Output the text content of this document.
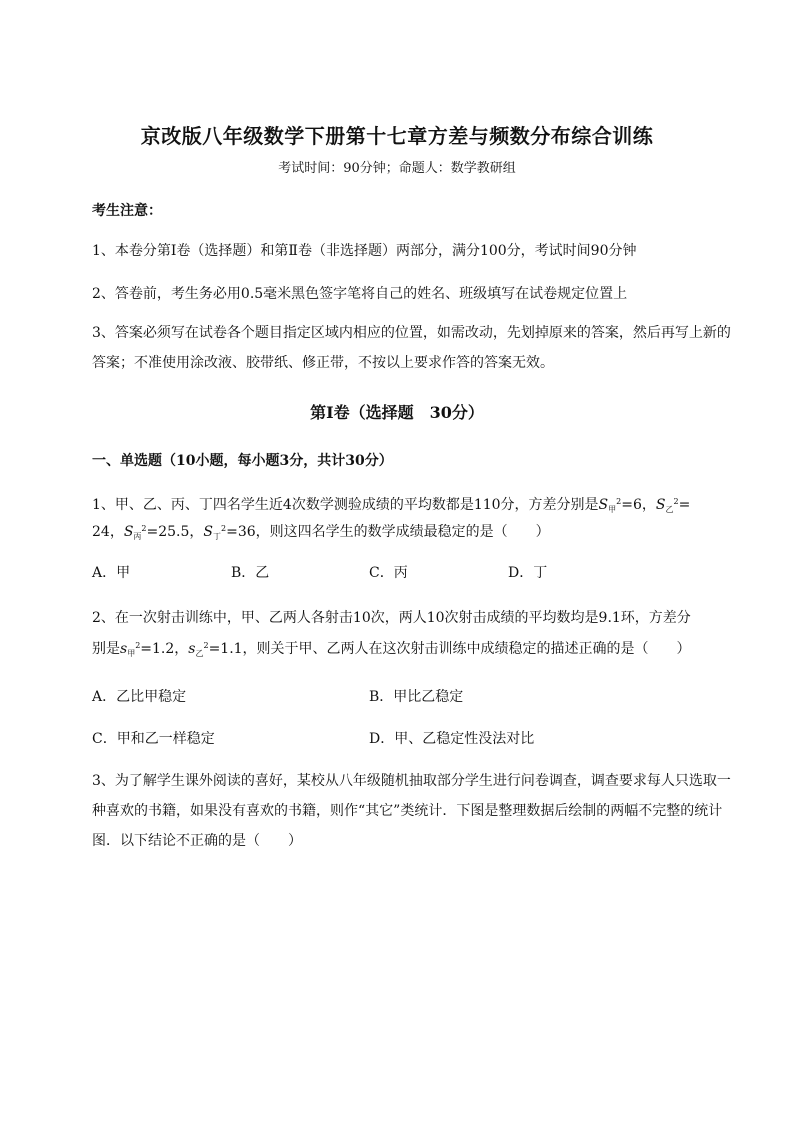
京改版八年级数学下册第十七章方差与频数分布综合训练
考试时间：90分钟；命题人：数学教研组
考生注意：
1、本卷分第I卷（选择题）和第Ⅱ卷（非选择题）两部分，满分100分，考试时间90分钟
2、答卷前，考生务必用0.5毫米黑色签字笔将自己的姓名、班级填写在试卷规定位置上
3、答案必须写在试卷各个题目指定区域内相应的位置，如需改动，先划掉原来的答案，然后再写上新的答案；不准使用涂改液、胶带纸、修正带，不按以上要求作答的答案无效。
第I卷（选择题　30分）
一、单选题（10小题，每小题3分，共计30分）
1、甲、乙、丙、丁四名学生近4次数学测验成绩的平均数都是110分，方差分别是$S_甲^2=6$，$S_乙^2=$
24，$S_丙^2=25.5$，$S_丁^2=36$，则这四名学生的数学成绩最稳定的是（　　）
A．甲	B．乙	C．丙	D．丁
2、在一次射击训练中，甲、乙两人各射击10次，两人10次射击成绩的平均数均是9.1环，方差分
别是$s_甲^2=1.2$，$s_乙^2=1.1$，则关于甲、乙两人在这次射击训练中成绩稳定的描述正确的是（　　）
A．乙比甲稳定	B．甲比乙稳定
C．甲和乙一样稳定	D．甲、乙稳定性没法对比
3、为了解学生课外阅读的喜好，某校从八年级随机抽取部分学生进行问卷调查，调查要求每人只选取一种喜欢的书籍，如果没有喜欢的书籍，则作“其它”类统计．下图是整理数据后绘制的两幅不完整的统计图．以下结论不正确的是（　　）
